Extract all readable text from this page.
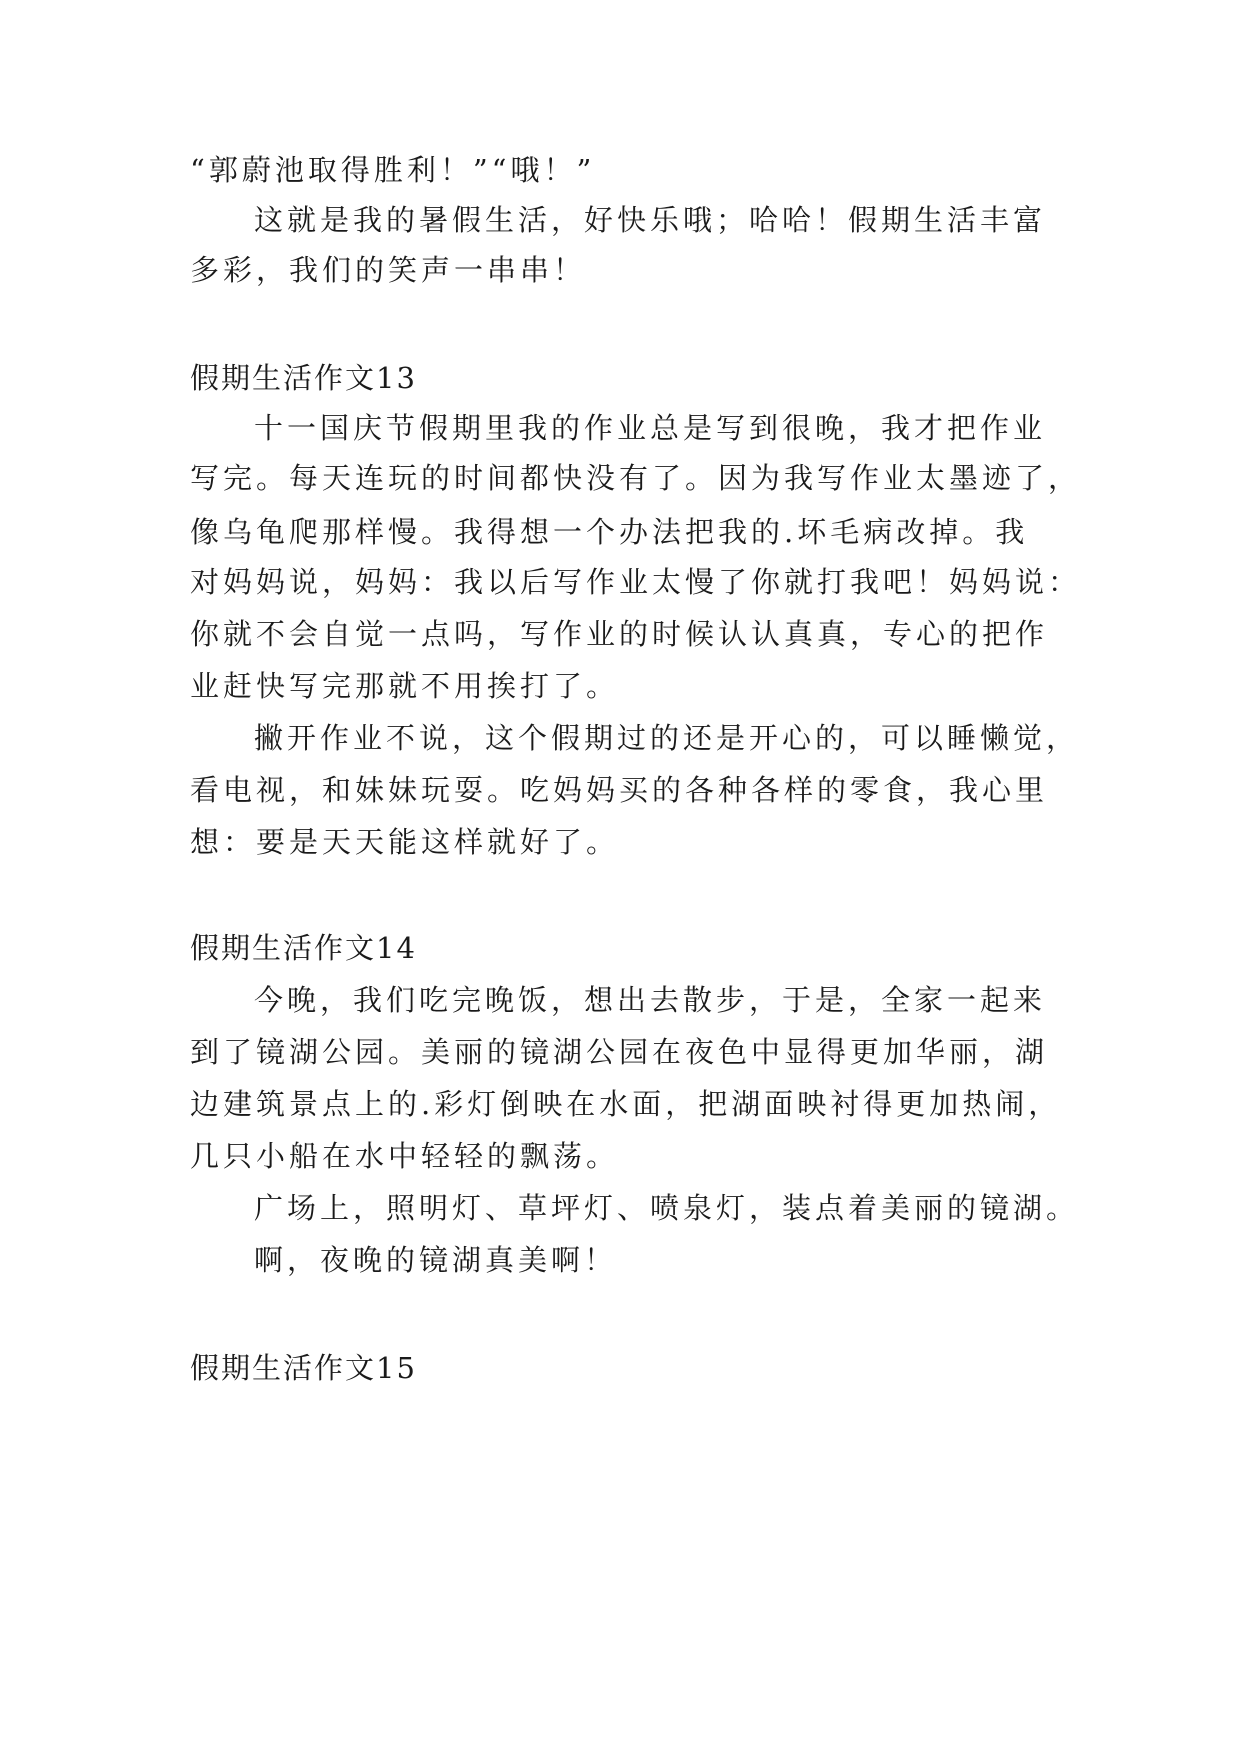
“郭蔚池取得胜利！”“哦！”
这就是我的暑假生活，好快乐哦；哈哈！假期生活丰富
多彩，我们的笑声一串串！
假期生活作文13
十一国庆节假期里我的作业总是写到很晚，我才把作业
写完。每天连玩的时间都快没有了。因为我写作业太墨迹了，
像乌龟爬那样慢。我得想一个办法把我的.坏毛病改掉。我
对妈妈说，妈妈：我以后写作业太慢了你就打我吧！妈妈说：
你就不会自觉一点吗，写作业的时候认认真真，专心的把作
业赶快写完那就不用挨打了。
撇开作业不说，这个假期过的还是开心的，可以睡懒觉，
看电视，和妹妹玩耍。吃妈妈买的各种各样的零食，我心里
想：要是天天能这样就好了。
假期生活作文14
今晚，我们吃完晚饭，想出去散步，于是，全家一起来
到了镜湖公园。美丽的镜湖公园在夜色中显得更加华丽，湖
边建筑景点上的.彩灯倒映在水面，把湖面映衬得更加热闹，
几只小船在水中轻轻的飘荡。
广场上，照明灯、草坪灯、喷泉灯，装点着美丽的镜湖。
啊，夜晚的镜湖真美啊！
假期生活作文15
